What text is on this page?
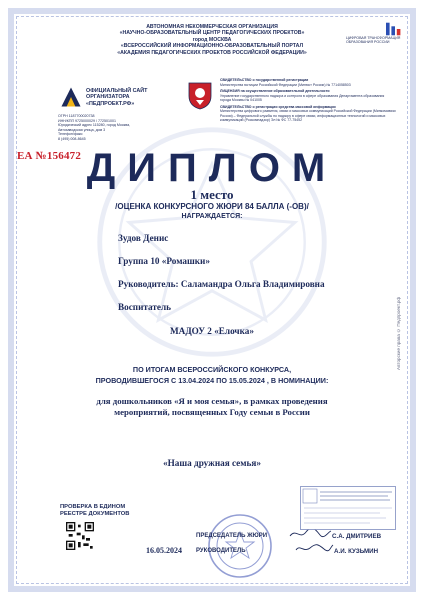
АВТОНОМНАЯ НЕКОММЕРЧЕСКАЯ ОРГАНИЗАЦИЯ
«НАУЧНО-ОБРАЗОВАТЕЛЬНЫЙ ЦЕНТР ПЕДАГОГИЧЕСКИХ ПРОЕКТОВ»
город МОСКВА
«ВСЕРОССИЙСКИЙ ИНФОРМАЦИОННО-ОБРАЗОВАТЕЛЬНЫЙ ПОРТАЛ
«АКАДЕМИЯ ПЕДАГОГИЧЕСКИХ ПРОЕКТОВ РОССИЙСКОЙ ФЕДЕРАЦИИ»
ЦИФРОВАЯ ТРАНСФОРМАЦИЯ ОБРАЗОВАНИЯ РОССИИ
ОФИЦИАЛЬНЫЙ САЙТ
ОРГАНИЗАТОРА
«ПЕДПРОЕКТ.РФ»
ОГРН 1187700020738
ИНН/КПП 9725000029 / 772501001
Юридический адрес 115280, город Москва,
Автозаводская улица, дом 3
Телефон/факс:
8 (495) 008-8645

СВИДЕТЕЛЬСТВО о государственной регистрации
Министерства юстиции Российской Федерации (Минюст России) № 7714058503

ЛИЦЕНЗИЯ на осуществление образовательной деятельности
Управление государственного надзора и контроля в сфере образования Департамента образования города Москвы № 041005

СВИДЕТЕЛЬСТВО о регистрации средства массовой информации
Министерства цифрового развития, связи и массовых коммуникаций Российской Федерации (Минкомсвязи России) – Федеральной службы по надзору в сфере связи, информационных технологий и массовых коммуникаций (Роскомнадзор) Эл № ФС 77-75452

ЕА №156472 ДИПЛОМ
1 место
/ОЦЕНКА КОНКУРСНОГО ЖЮРИ 84 БАЛЛА (-ОВ)/
НАГРАЖДАЕТСЯ:
Зудов Денис
Группа 10 «Ромашки»
Руководитель: Саламандра Ольга Владимировна
Воспитатель
МАДОУ 2 «Елочка»
ПО ИТОГАМ ВСЕРОССИЙСКОГО КОНКУРСА,
ПРОВОДИВШЕГОСЯ С 13.04.2024 ПО 15.05.2024 , В НОМИНАЦИИ:
для дошкольников «Я и моя семья», в рамках проведения
мероприятий, посвященных Году семьи в России
«Наша дружная семья»
ПРОВЕРКА В ЕДИНОМ
РЕЕСТРЕ ДОКУМЕНТОВ
16.05.2024
ПРЕДСЕДАТЕЛЬ ЖЮРИ	С.А. ДМИТРИЕВ
РУКОВОДИТЕЛЬ	А.И. КУЗЬМИН
Авторские права © Педпроект.рф
